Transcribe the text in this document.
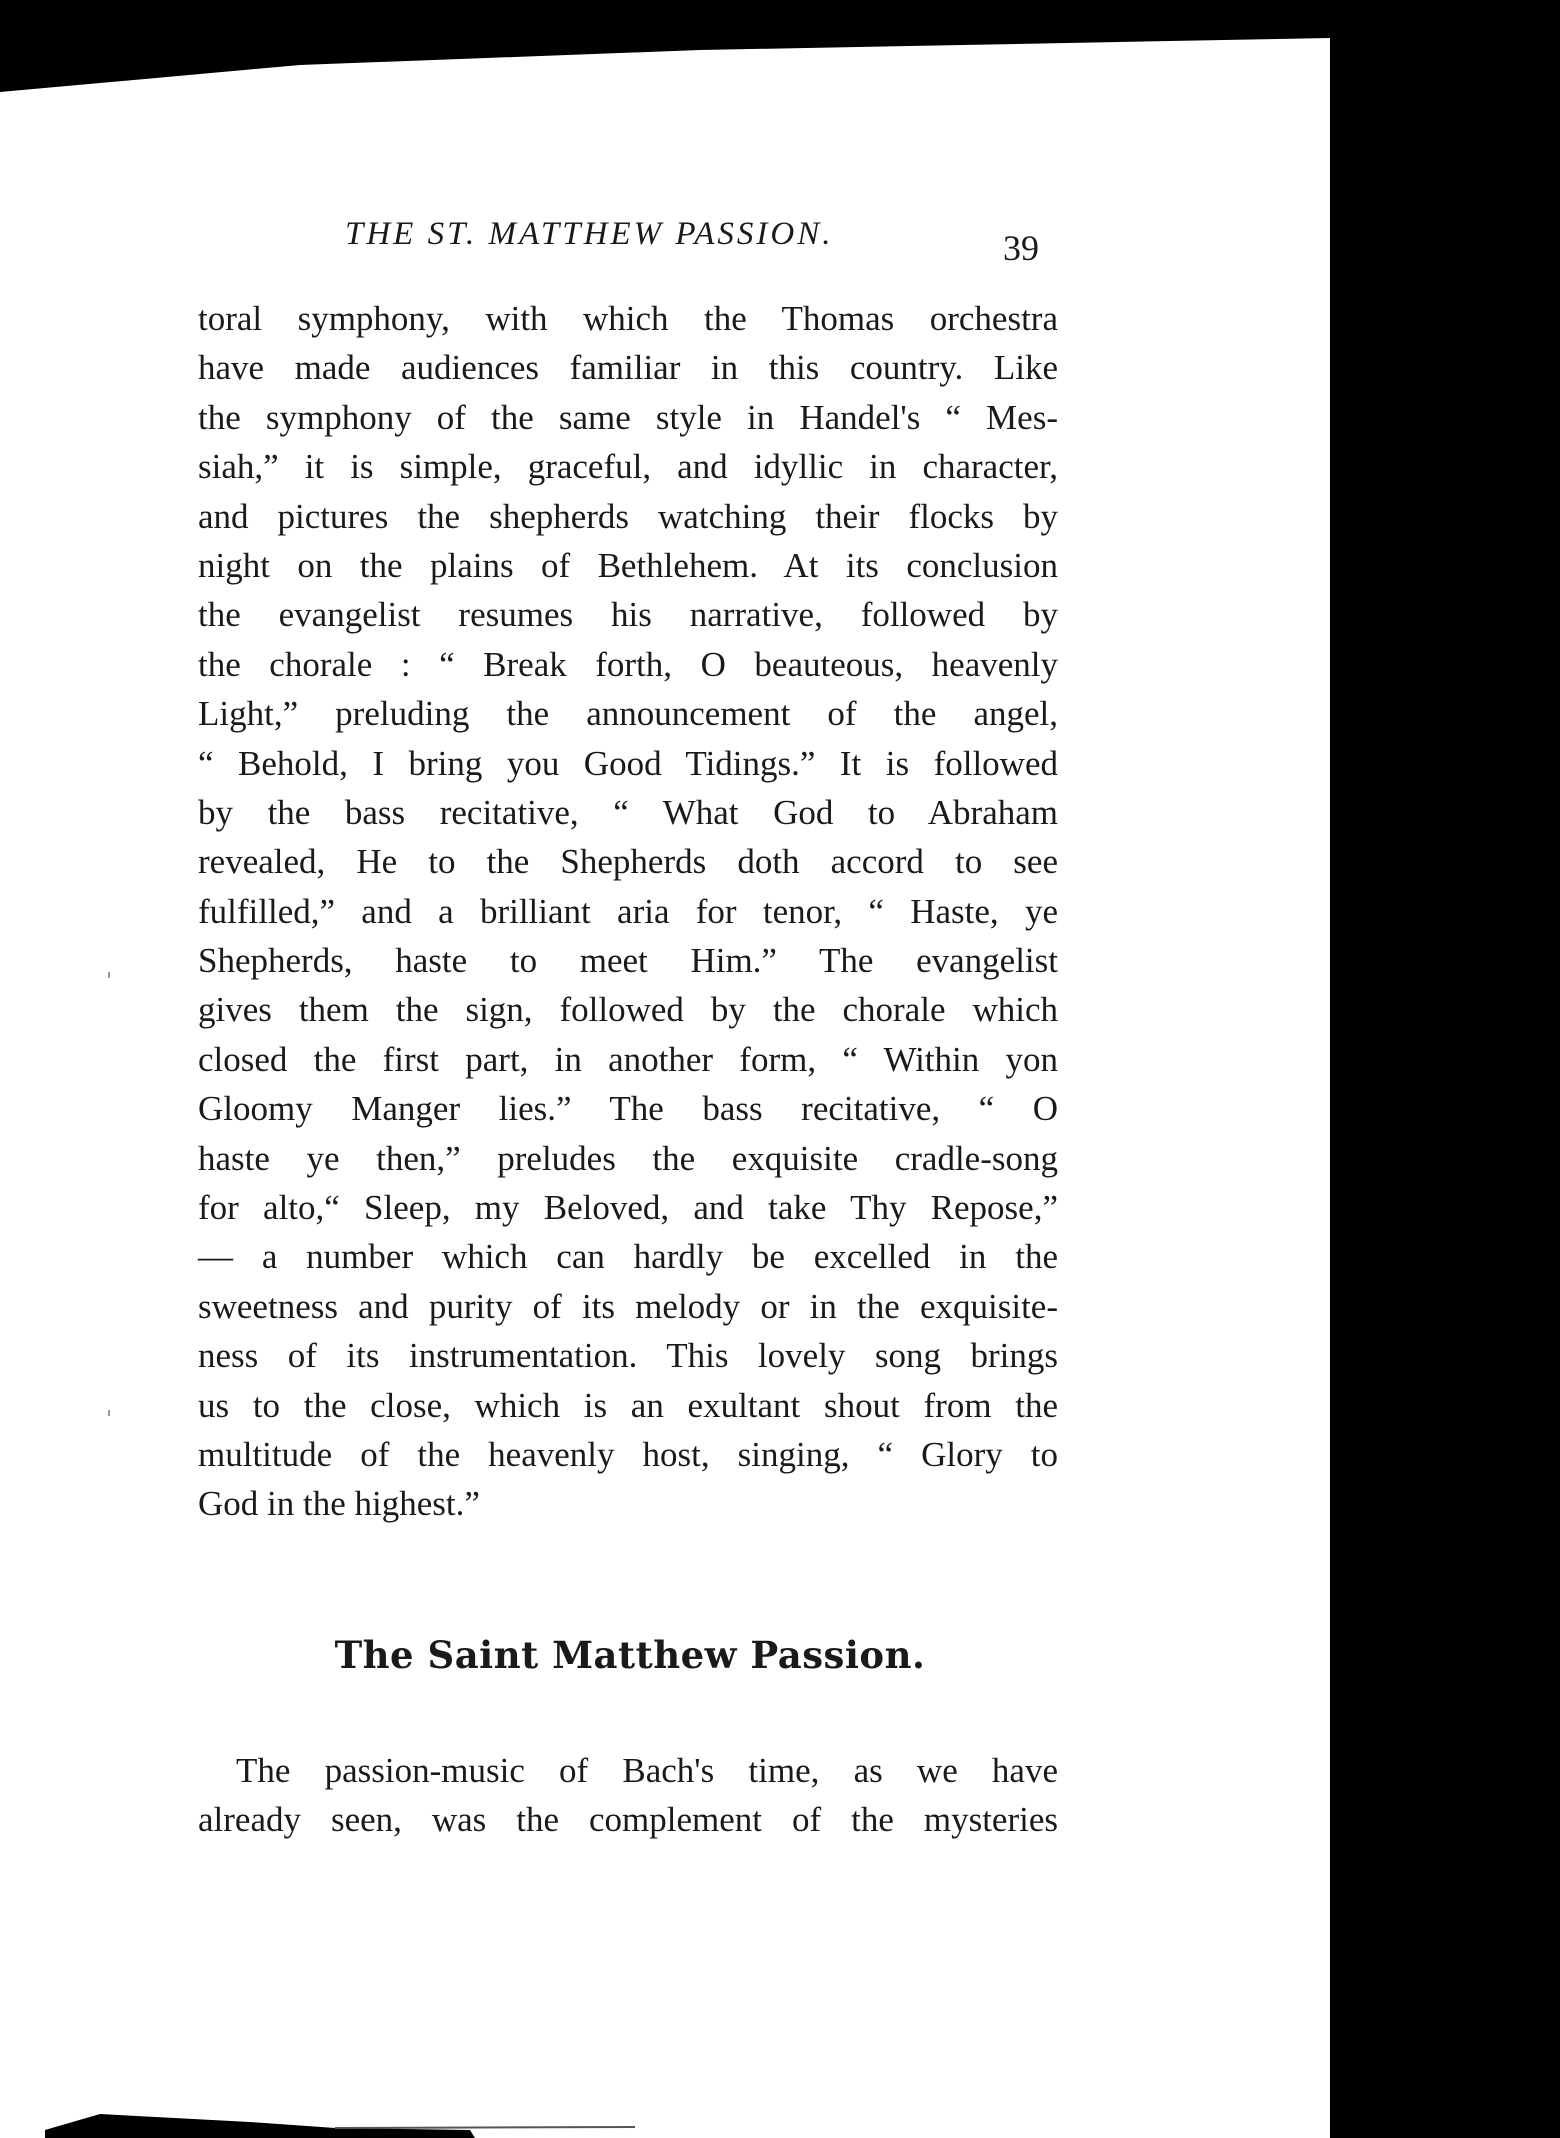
THE ST. MATTHEW PASSION.	39
toral symphony, with which the Thomas orchestra
have made audiences familiar in this country. Like
the symphony of the same style in Handel's “ Mes-
siah,” it is simple, graceful, and idyllic in character,
and pictures the shepherds watching their flocks by
night on the plains of Bethlehem. At its conclusion
the evangelist resumes his narrative, followed by
the chorale : “ Break forth, O beauteous, heavenly
Light,” preluding the announcement of the angel,
“ Behold, I bring you Good Tidings.” It is followed
by the bass recitative, “ What God to Abraham
revealed, He to the Shepherds doth accord to see
fulfilled,” and a brilliant aria for tenor, “ Haste, ye
Shepherds, haste to meet Him.” The evangelist
gives them the sign, followed by the chorale which
closed the first part, in another form, “ Within yon
Gloomy Manger lies.” The bass recitative, “ O
haste ye then,” preludes the exquisite cradle-song
for alto,“ Sleep, my Beloved, and take Thy Repose,”
— a number which can hardly be excelled in the
sweetness and purity of its melody or in the exquisite-
ness of its instrumentation. This lovely song brings
us to the close, which is an exultant shout from the
multitude of the heavenly host, singing, “ Glory to
God in the highest.”
The Saint Matthew Passion.
The passion-music of Bach's time, as we have
already seen, was the complement of the mysteries
